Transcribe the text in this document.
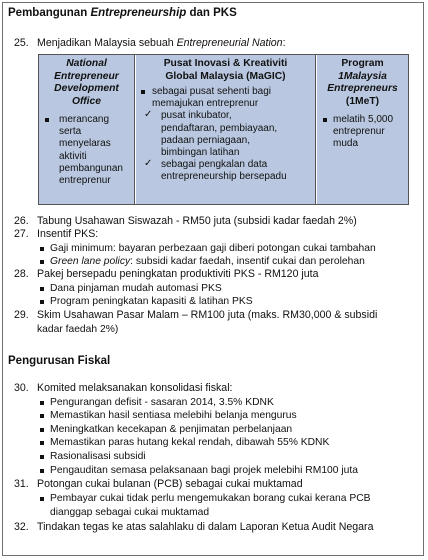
Pembangunan Entrepreneurship dan PKS
25. Menjadikan Malaysia sebuah Entrepreneurial Nation:
National
Entrepreneur
Development
Office
merancang
serta
menyelaras
aktiviti
pembangunan
entreprenur
Pusat Inovasi & Kreativiti
Global Malaysia (MaGIC)
sebagai pusat sehenti bagi
memajukan entreprenur
✓ pusat inkubator,
pendaftaran, pembiayaan,
padaan perniagaan,
bimbingan latihan
✓ sebagai pengkalan data
entrepreneurship bersepadu
Program
1Malaysia
Entrepreneurs
(1MeT)
melatih 5,000
entreprenur
muda
26. Tabung Usahawan Siswazah - RM50 juta (subsidi kadar faedah 2%)
27. Insentif PKS:
Gaji minimum: bayaran perbezaan gaji diberi potongan cukai tambahan
Green lane policy: subsidi kadar faedah, insentif cukai dan perolehan
28. Pakej bersepadu peningkatan produktiviti PKS - RM120 juta
Dana pinjaman mudah automasi PKS
Program peningkatan kapasiti & latihan PKS
29. Skim Usahawan Pasar Malam – RM100 juta (maks. RM30,000 & subsidi
kadar faedah 2%)
Pengurusan Fiskal
30. Komited melaksanakan konsolidasi fiskal:
Pengurangan defisit - sasaran 2014, 3.5% KDNK
Memastikan hasil sentiasa melebihi belanja mengurus
Meningkatkan kecekapan & penjimatan perbelanjaan
Memastikan paras hutang kekal rendah, dibawah 55% KDNK
Rasionalisasi subsidi
Pengauditan semasa pelaksanaan bagi projek melebihi RM100 juta
31. Potongan cukai bulanan (PCB) sebagai cukai muktamad
Pembayar cukai tidak perlu mengemukakan borang cukai kerana PCB
dianggap sebagai cukai muktamad
32. Tindakan tegas ke atas salahlaku di dalam Laporan Ketua Audit Negara
